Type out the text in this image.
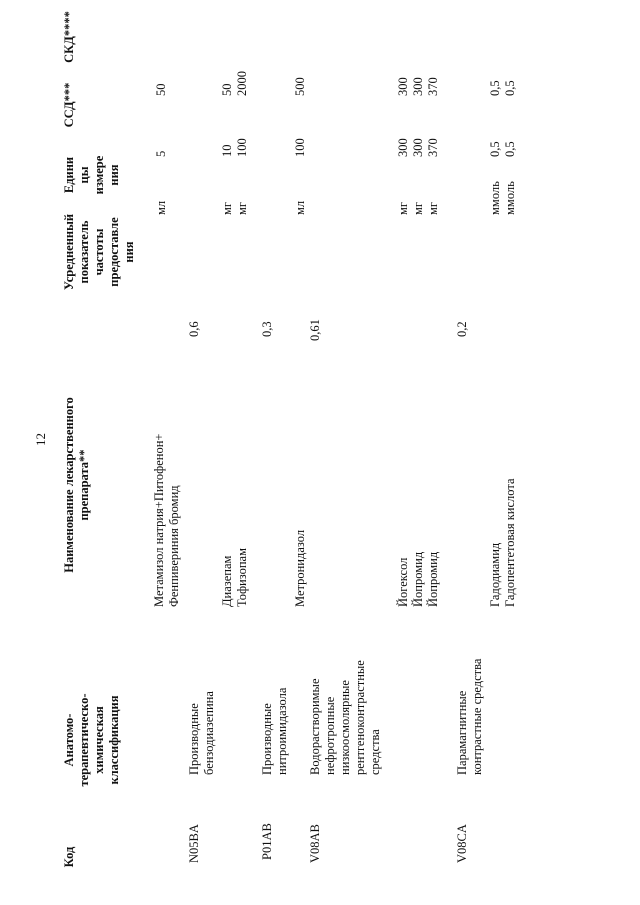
12
Код
Анатомо- терапевтическо- химическая классификация
Наименование лекарственного препарата**
Усредненный показатель частоты предоставле ния
Едини цы измере ния
ССД***
СКД****
Метамизол натрия+Питофенон+ Фенпивериния бромид
мл
5
50
N05BA
Производные бензодиазепина
0,6
Диазепам Тофизопам
мг мг
10 100
50 2000
P01AB
Производные нитроимидазола
0,3
Метронидазол
мл
100
500
V08AB
Водорастворимые нефротропные низкоосмолярные рентгеноконтрастные средства
0,61
Йогексол Йопромид Йопромид
мг мг мг
300 300 370
300 300 370
V08CA
Парамагнитные контрастные средства
0,2
Гадодиамид Гадопентетовая кислота
ммоль ммоль
0,5 0,5
0,5 0,5
